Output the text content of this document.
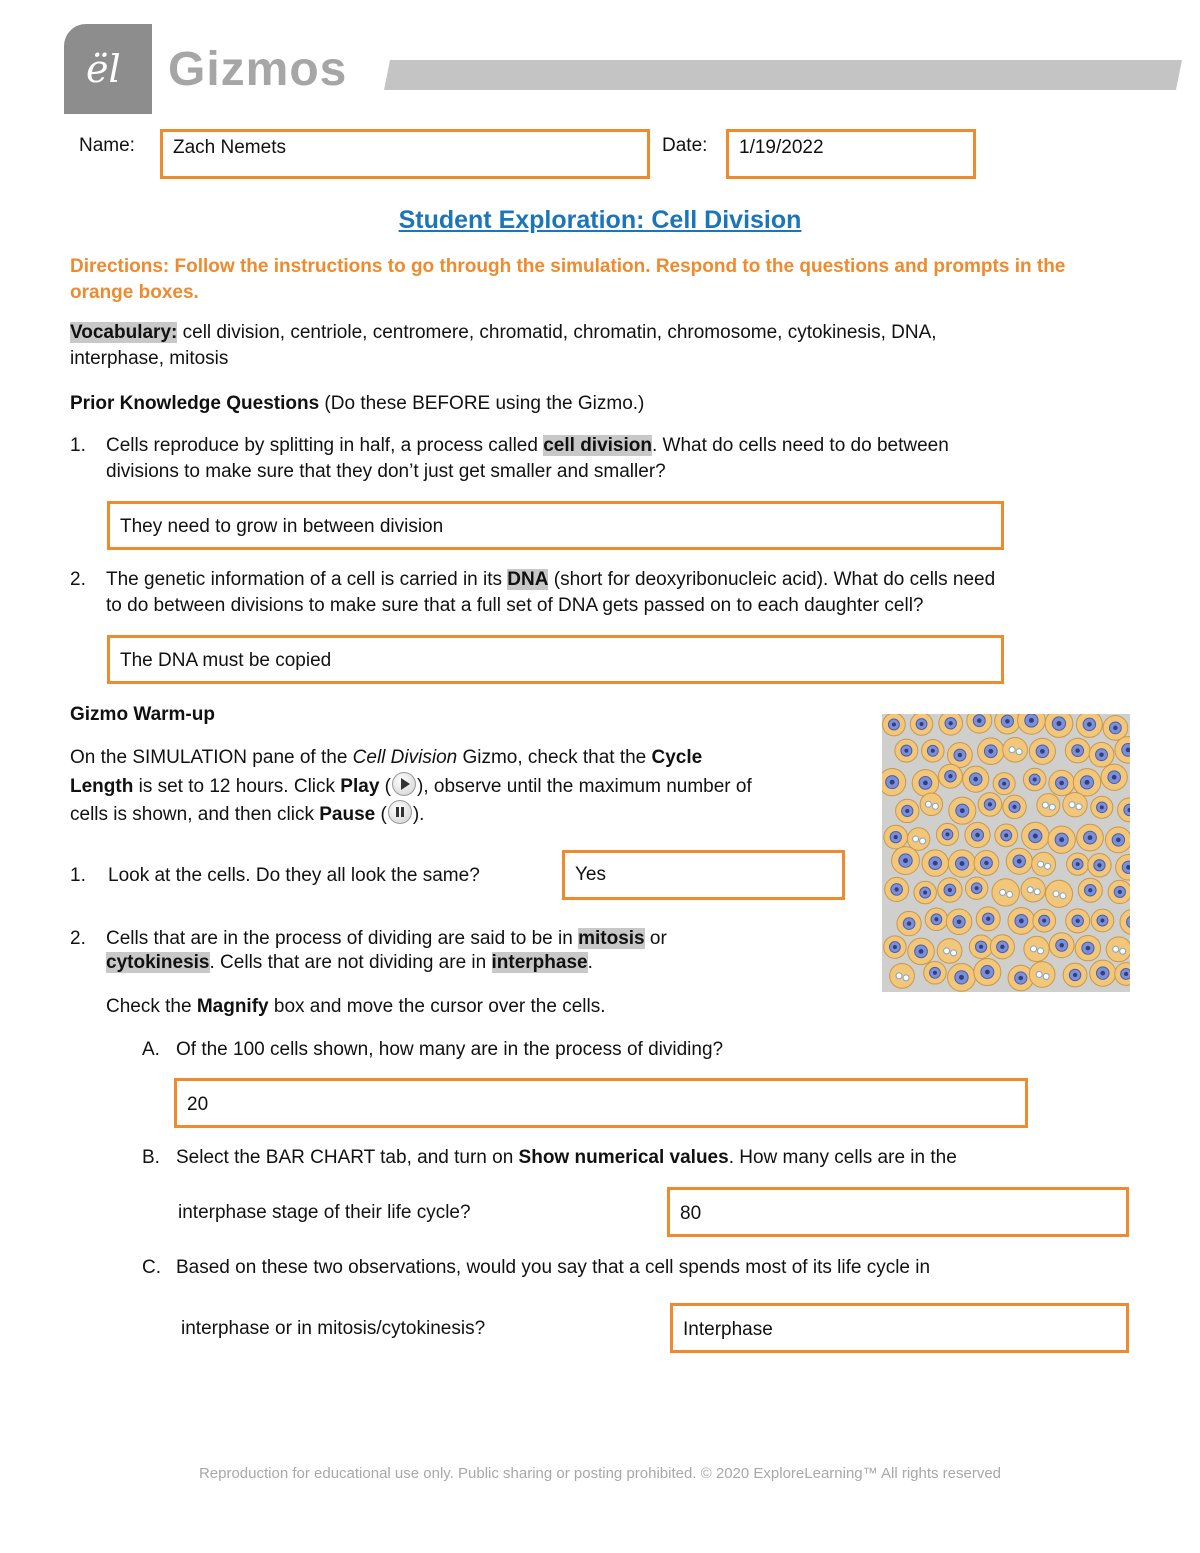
ël Gizmos
Name: Zach Nemets	Date: 1/19/2022
Student Exploration: Cell Division
Directions: Follow the instructions to go through the simulation. Respond to the questions and prompts in the orange boxes.
Vocabulary: cell division, centriole, centromere, chromatid, chromatin, chromosome, cytokinesis, DNA,
interphase, mitosis
Prior Knowledge Questions (Do these BEFORE using the Gizmo.)
1. Cells reproduce by splitting in half, a process called cell division. What do cells need to do between
divisions to make sure that they don’t just get smaller and smaller?
They need to grow in between division
2. The genetic information of a cell is carried in its DNA (short for deoxyribonucleic acid). What do cells need
to do between divisions to make sure that a full set of DNA gets passed on to each daughter cell?
The DNA must be copied
Gizmo Warm-up
On the SIMULATION pane of the Cell Division Gizmo, check that the Cycle
Length is set to 12 hours. Click Play ( ), observe until the maximum number of
cells is shown, and then click Pause ( ).
1. Look at the cells. Do they all look the same?	Yes
2. Cells that are in the process of dividing are said to be in mitosis or
cytokinesis. Cells that are not dividing are in interphase.
Check the Magnify box and move the cursor over the cells.
A. Of the 100 cells shown, how many are in the process of dividing?
20
B. Select the BAR CHART tab, and turn on Show numerical values. How many cells are in the
interphase stage of their life cycle?	80
C. Based on these two observations, would you say that a cell spends most of its life cycle in
interphase or in mitosis/cytokinesis?	Interphase
Reproduction for educational use only. Public sharing or posting prohibited. © 2020 ExploreLearning™ All rights reserved
